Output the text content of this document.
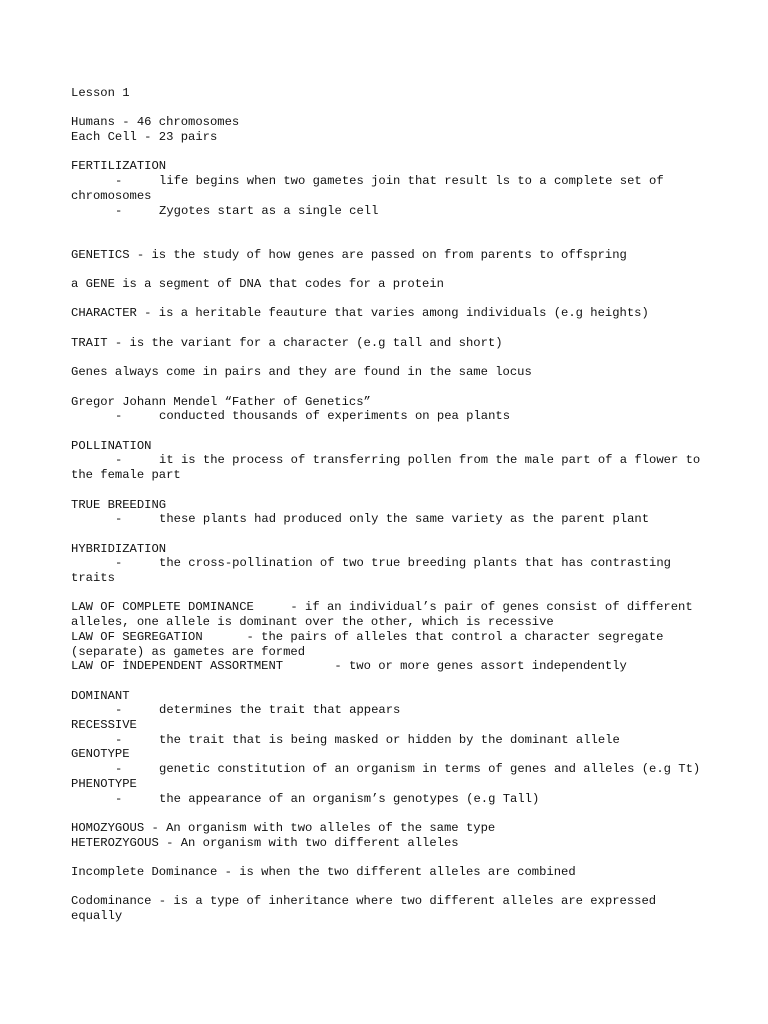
Lesson 1
Humans - 46 chromosomes
Each Cell - 23 pairs
FERTILIZATION
-	life begins when two gametes join that result ls to a complete set of chromosomes
-	Zygotes start as a single cell
GENETICS - is the study of how genes are passed on from parents to offspring
a GENE is a segment of DNA that codes for a protein
CHARACTER - is a heritable feauture that varies among individuals (e.g heights)
TRAIT - is the variant for a character (e.g tall and short)
Genes always come in pairs and they are found in the same locus
Gregor Johann Mendel “Father of Genetics”
-	conducted thousands of experiments on pea plants
POLLINATION
-	it is the process of transferring pollen from the male part of a flower to the female part
TRUE BREEDING
-	these plants had produced only the same variety as the parent plant
HYBRIDIZATION
-	the cross-pollination of two true breeding plants that has contrasting traits
LAW OF COMPLETE DOMINANCE	- if an individual’s pair of genes consist of different alleles, one allele is dominant over the other, which is recessive
LAW OF SEGREGATION	- the pairs of alleles that control a character segregate (separate) as gametes are formed
LAW OF İNDEPENDENT ASSORTMENT	- two or more genes assort independently
DOMINANT
-	determines the trait that appears
RECESSIVE
-	the trait that is being masked or hidden by the dominant allele
GENOTYPE
-	genetic constitution of an organism in terms of genes and alleles (e.g Tt)
PHENOTYPE
-	the appearance of an organism’s genotypes (e.g Tall)
HOMOZYGOUS - An organism with two alleles of the same type
HETEROZYGOUS - An organism with two different alleles
Incomplete Dominance - is when the two different alleles are combined
Codominance - is a type of inheritance where two different alleles are expressed equally
